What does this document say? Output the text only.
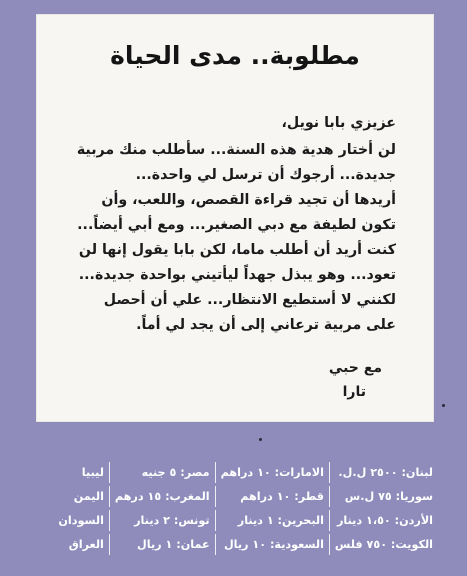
مطلوبة.. مدى الحياة

عزيزي بابا نويل،

لن أختار هدية هذه السنة... سأطلب منك مربية جديدة... أرجوك أن ترسل لي واحدة...

أريدها أن تجيد قراءة القصص، واللعب، وأن تكون لطيفة مع دبي الصغير... ومع أبي أيضاً...

كنت أريد أن أطلب ماما، لكن بابا يقول إنها لن تعود... وهو يبذل جهداً ليأتيني بواحدة جديدة... لكنني لا أستطيع الانتظار... علي أن أحصل على مربية ترعاني إلى أن يجد لي أماً.

مع حبي
تارا
لبنان: ٢٥٠٠ ل.ل.
الامارات: ١٠ دراهم
مصر: ٥ جنيه
ليبيا
سوريا: ٧٥ ل.س
قطر: ١٠ دراهم
المغرب: ١٥ درهم
اليمن
الأردن: ١،٥٠ دينار
البحرين: ١ دينار
تونس: ٢ دينار
السودان
الكويت: ٧٥٠ فلس
السعودية: ١٠ ريال
عمان: ١ ريال
العراق
